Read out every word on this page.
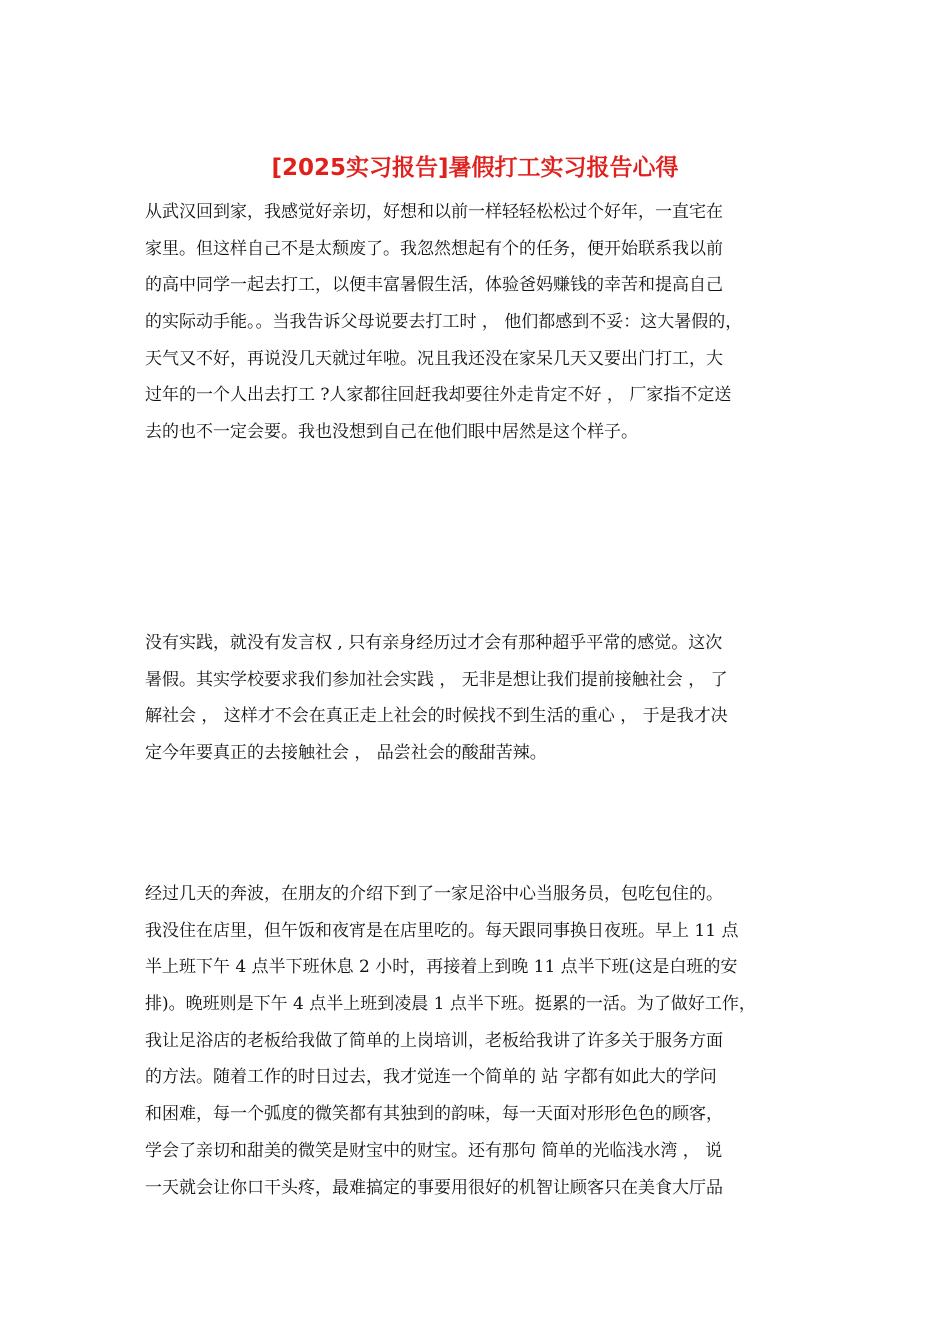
[2025实习报告]暑假打工实习报告心得
从武汉回到家，我感觉好亲切，好想和以前一样轻轻松松过个好年，一直宅在
家里。但这样自己不是太颓废了。我忽然想起有个的任务，便开始联系我以前
的高中同学一起去打工，以便丰富暑假生活，体验爸妈赚钱的幸苦和提高自己
的实际动手能。。当我告诉父母说要去打工时 ， 他们都感到不妥：这大暑假的，
天气又不好，再说没几天就过年啦。况且我还没在家呆几天又要出门打工，大
过年的一个人出去打工 ?人家都往回赶我却要往外走肯定不好 ， 厂家指不定送
去的也不一定会要。我也没想到自己在他们眼中居然是这个样子。
没有实践，就没有发言权 , 只有亲身经历过才会有那种超乎平常的感觉。这次
暑假。其实学校要求我们参加社会实践 ， 无非是想让我们提前接触社会 ， 了
解社会 ， 这样才不会在真正走上社会的时候找不到生活的重心 ， 于是我才决
定今年要真正的去接触社会 ， 品尝社会的酸甜苦辣。
经过几天的奔波，在朋友的介绍下到了一家足浴中心当服务员，包吃包住的。
我没住在店里，但午饭和夜宵是在店里吃的。每天跟同事换日夜班。早上 11 点
半上班下午 4 点半下班休息 2 小时，再接着上到晚 11 点半下班(这是白班的安
排)。晚班则是下午 4 点半上班到凌晨 1 点半下班。挺累的一活。为了做好工作，
我让足浴店的老板给我做了简单的上岗培训，老板给我讲了许多关于服务方面
的方法。随着工作的时日过去，我才觉连一个简单的 站 字都有如此大的学问
和困难，每一个弧度的微笑都有其独到的韵味，每一天面对形形色色的顾客，
学会了亲切和甜美的微笑是财宝中的财宝。还有那句 简单的光临浅水湾 ， 说
一天就会让你口干头疼，最难搞定的事要用很好的机智让顾客只在美食大厅品
